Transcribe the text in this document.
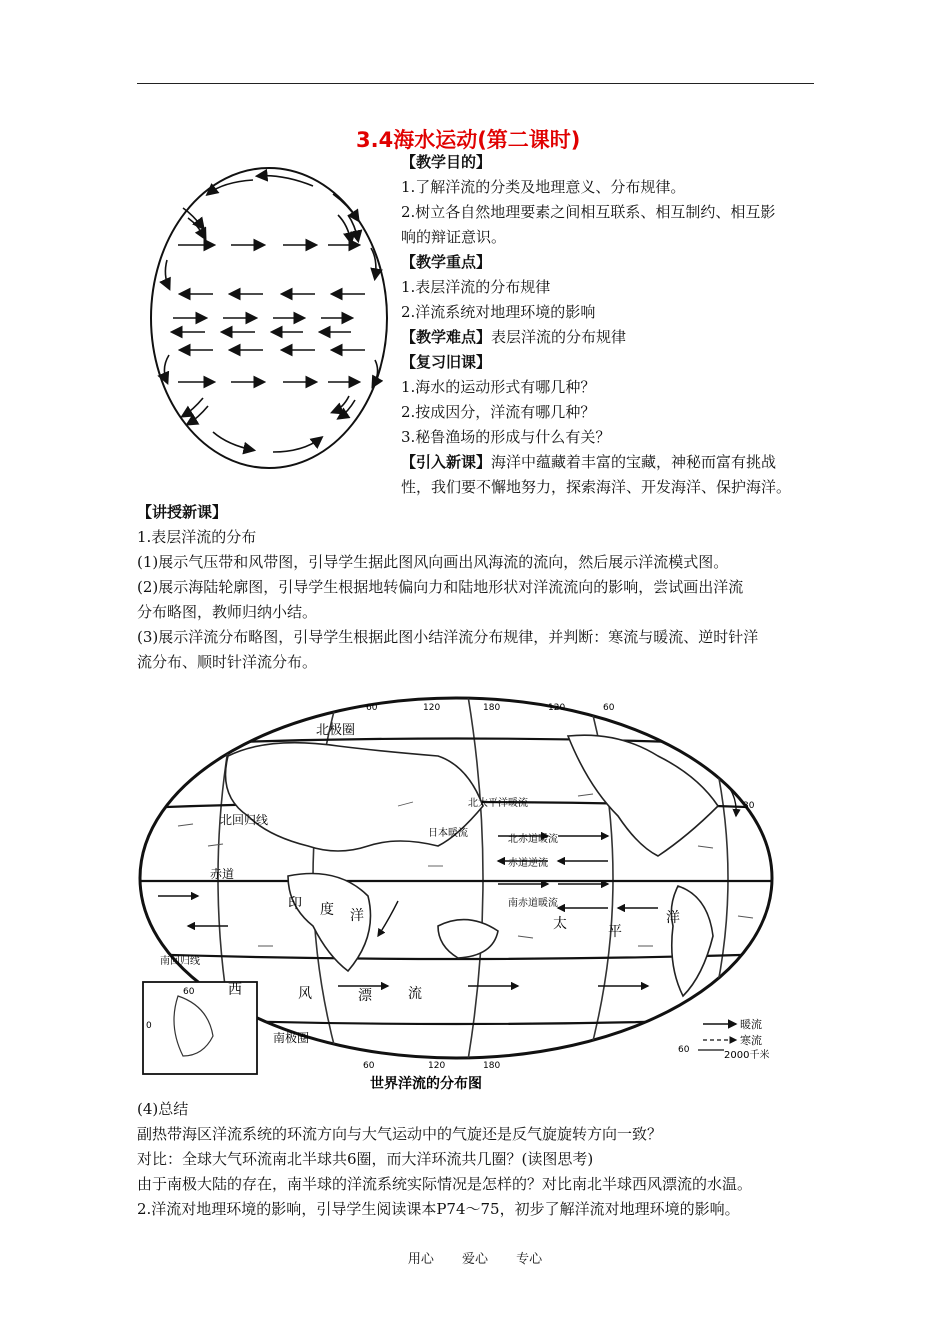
3.4海水运动(第二课时)
【教学目的】
1.了解洋流的分类及地理意义、分布规律。
2.树立各自然地理要素之间相互联系、相互制约、相互影
响的辩证意识。
【教学重点】
1.表层洋流的分布规律
2.洋流系统对地理环境的影响
【教学难点】表层洋流的分布规律
【复习旧课】
1.海水的运动形式有哪几种？
2.按成因分，洋流有哪几种？
3.秘鲁渔场的形成与什么有关？
【引入新课】海洋中蕴藏着丰富的宝藏，神秘而富有挑战
性，我们要不懈地努力，探索海洋、开发海洋、保护海洋。
【讲授新课】
1.表层洋流的分布
(1)展示气压带和风带图，引导学生据此图风向画出风海流的流向，然后展示洋流模式图。
(2)展示海陆轮廓图，引导学生根据地转偏向力和陆地形状对洋流流向的影响，尝试画出洋流
分布略图，教师归纳小结。
(3)展示洋流分布略图，引导学生根据此图小结洋流分布规律，并判断：寒流与暖流、逆时针洋
流分布、顺时针洋流分布。
北极圈
北回归线
赤道
南回归线
南极圈
北赤道暖流
赤道逆流
南赤道暖流
太	平
洋
西	风	漂	流
印 度 洋
日本暖流
北太平洋暖流
60	120	180	120	60
0
30
60
60	120	180
60
暖流
寒流
2000千米
世界洋流的分布图
(4)总结
副热带海区洋流系统的环流方向与大气运动中的气旋还是反气旋旋转方向一致？
对比：全球大气环流南北半球共6圈，而大洋环流共几圈？(读图思考)
由于南极大陆的存在，南半球的洋流系统实际情况是怎样的？对比南北半球西风漂流的水温。
2.洋流对地理环境的影响，引导学生阅读课本P74～75，初步了解洋流对地理环境的影响。
用心 爱心 专心
